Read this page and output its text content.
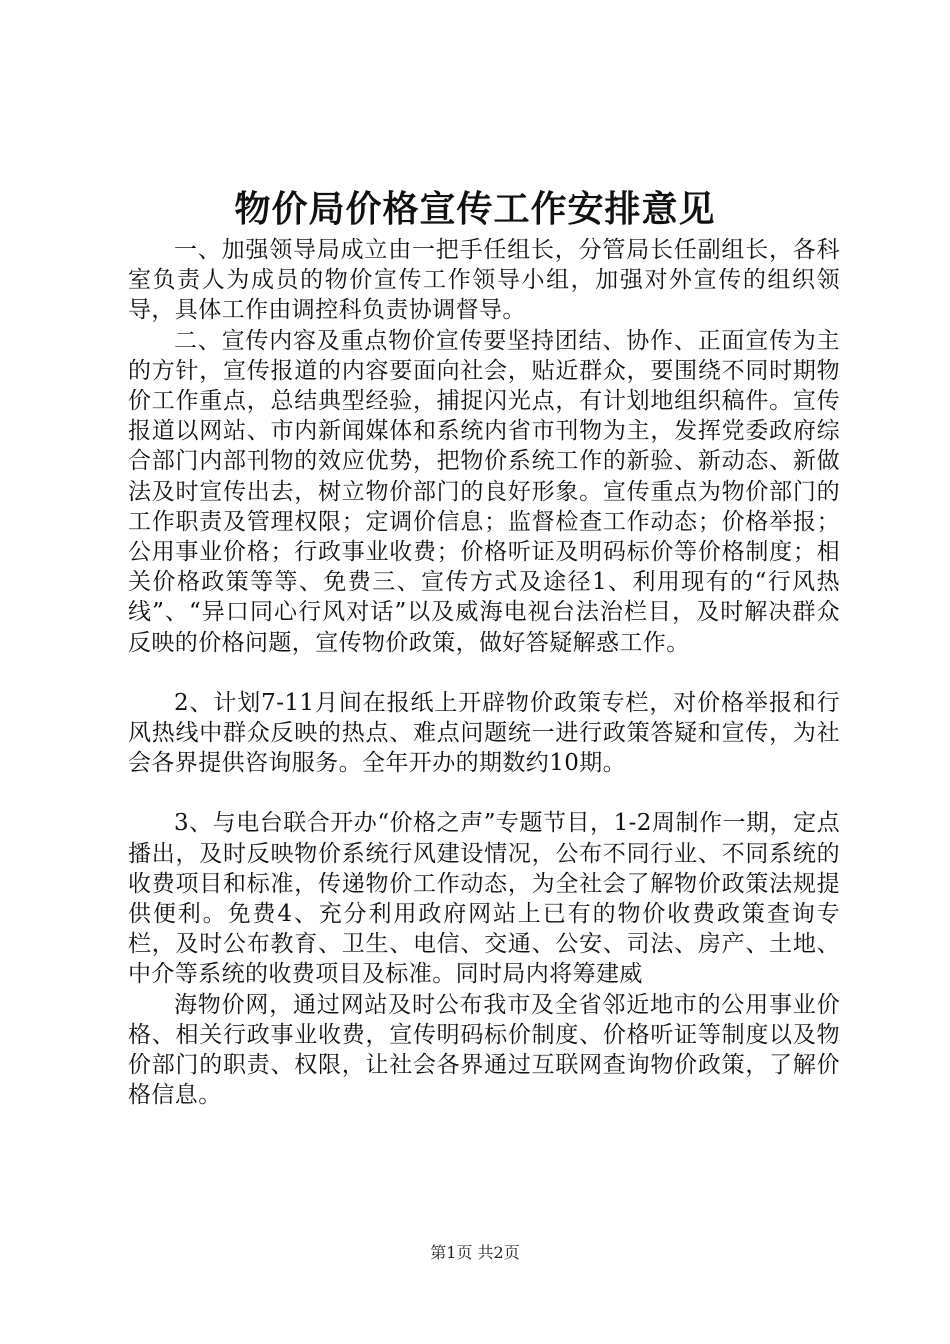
物价局价格宣传工作安排意见

一、加强领导局成立由一把手任组长，分管局长任副组长，各科室负责人为成员的物价宣传工作领导小组，加强对外宣传的组织领导，具体工作由调控科负责协调督导。

二、宣传内容及重点物价宣传要坚持团结、协作、正面宣传为主的方针，宣传报道的内容要面向社会，贴近群众，要围绕不同时期物价工作重点，总结典型经验，捕捉闪光点，有计划地组织稿件。宣传报道以网站、市内新闻媒体和系统内省市刊物为主，发挥党委政府综合部门内部刊物的效应优势，把物价系统工作的新验、新动态、新做法及时宣传出去，树立物价部门的良好形象。宣传重点为物价部门的工作职责及管理权限；定调价信息；监督检查工作动态；价格举报；公用事业价格；行政事业收费；价格听证及明码标价等价格制度；相关价格政策等等、免费三、宣传方式及途径1、利用现有的“行风热线”、“异口同心行风对话”以及威海电视台法治栏目，及时解决群众反映的价格问题，宣传物价政策，做好答疑解惑工作。

2、计划7-11月间在报纸上开辟物价政策专栏，对价格举报和行风热线中群众反映的热点、难点问题统一进行政策答疑和宣传，为社会各界提供咨询服务。全年开办的期数约10期。

3、与电台联合开办“价格之声”专题节目，1-2周制作一期，定点播出，及时反映物价系统行风建设情况，公布不同行业、不同系统的收费项目和标准，传递物价工作动态，为全社会了解物价政策法规提供便利。免费4、充分利用政府网站上已有的物价收费政策查询专栏，及时公布教育、卫生、电信、交通、公安、司法、房产、土地、中介等系统的收费项目及标准。同时局内将筹建威

海物价网，通过网站及时公布我市及全省邻近地市的公用事业价格、相关行政事业收费，宣传明码标价制度、价格听证等制度以及物价部门的职责、权限，让社会各界通过互联网查询物价政策，了解价格信息。

第1页 共2页
